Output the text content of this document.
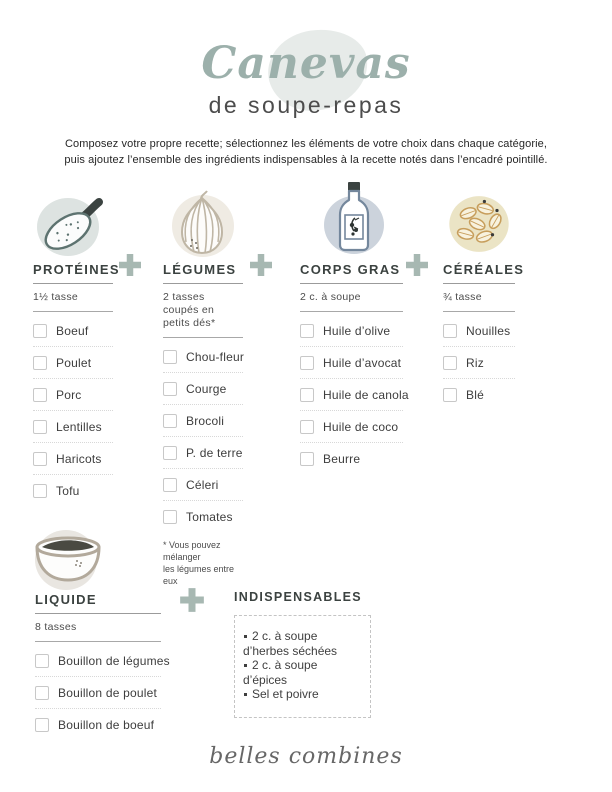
Canevas
de soupe-repas
Composez votre propre recette; sélectionnez les éléments de votre choix dans chaque catégorie,
puis ajoutez l’ensemble des ingrédients indispensables à la recette notés dans l’encadré pointillé.
PROTÉINES
1½ tasse
Boeuf
Poulet
Porc
Lentilles
Haricots
Tofu
LÉGUMES
2 tasses coupés en petits dés*
Chou-fleur
Courge
Brocoli
P. de terre
Céleri
Tomates
* Vous pouvez mélanger
les légumes entre eux
CORPS GRAS
2 c. à soupe
Huile d’olive
Huile d’avocat
Huile de canola
Huile de coco
Beurre
CÉRÉALES
¾ tasse
Nouilles
Riz
Blé
LIQUIDE
8 tasses
Bouillon de légumes
Bouillon de poulet
Bouillon de boeuf
INDISPENSABLES
2 c. à soupe d’herbes séchées
2 c. à soupe d’épices
Sel et poivre
belles combines
